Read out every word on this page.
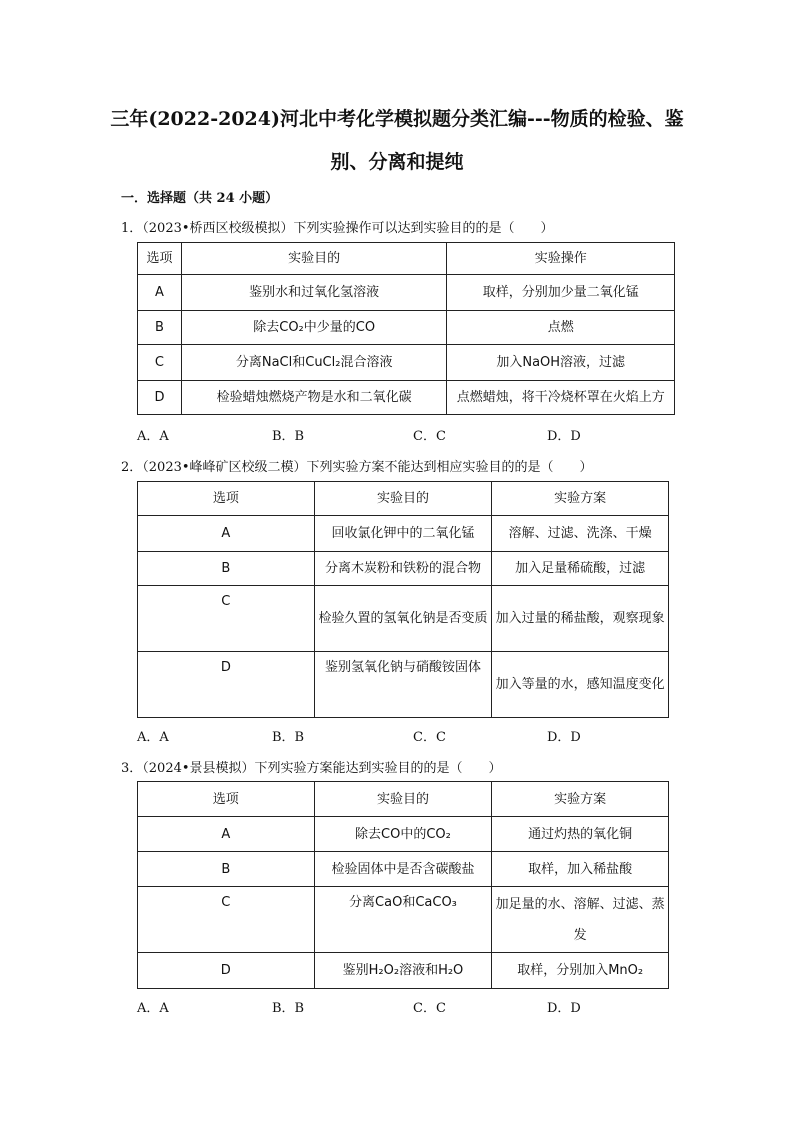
三年(2022-2024)河北中考化学模拟题分类汇编---物质的检验、鉴
别、分离和提纯
一．选择题（共 24 小题）
1．（2023•桥西区校级模拟）下列实验操作可以达到实验目的的是（　　）
选项	实验目的	实验操作
A	鉴别水和过氧化氢溶液	取样，分别加少量二氧化锰
B	除去CO₂中少量的CO	点燃
C	分离NaCl和CuCl₂混合溶液	加入NaOH溶液，过滤
D	检验蜡烛燃烧产物是水和二氧化碳	点燃蜡烛，将干冷烧杯罩在火焰上方
A．A	B．B	C．C	D．D
2．（2023•峰峰矿区校级二模）下列实验方案不能达到相应实验目的的是（　　）
选项	实验目的	实验方案
A	回收氯化钾中的二氧化锰	溶解、过滤、洗涤、干燥
B	分离木炭粉和铁粉的混合物	加入足量稀硫酸，过滤
C	检验久置的氢氧化钠是否变质	加入过量的稀盐酸，观察现象
D	鉴别氢氧化钠与硝酸铵固体	加入等量的水，感知温度变化
A．A	B．B	C．C	D．D
3．（2024•景县模拟）下列实验方案能达到实验目的的是（　　）
选项	实验目的	实验方案
A	除去CO中的CO₂	通过灼热的氧化铜
B	检验固体中是否含碳酸盐	取样，加入稀盐酸
C	分离CaO和CaCO₃	加足量的水、溶解、过滤、蒸发
D	鉴别H₂O₂溶液和H₂O	取样，分别加入MnO₂
A．A	B．B	C．C	D．D
